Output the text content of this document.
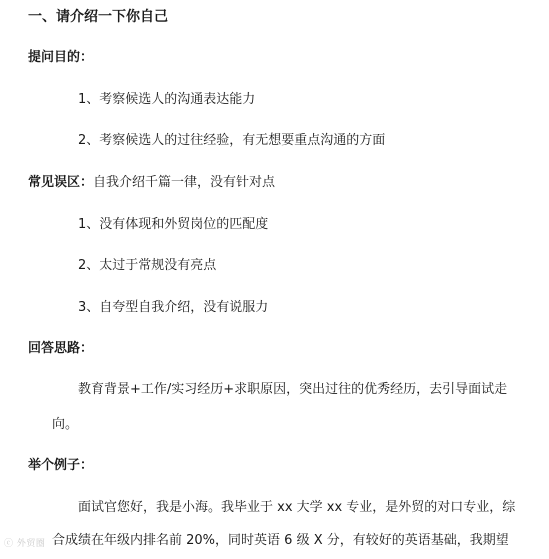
一、请介绍一下你自己
提问目的：
1、考察候选人的沟通表达能力
2、考察候选人的过往经验，有无想要重点沟通的方面
常见误区：自我介绍千篇一律，没有针对点
1、没有体现和外贸岗位的匹配度
2、太过于常规没有亮点
3、自夸型自我介绍，没有说服力
回答思路：
教育背景+工作/实习经历+求职原因，突出过往的优秀经历，去引导面试走
向。
举个例子：
面试官您好，我是小海。我毕业于 xx 大学 xx 专业，是外贸的对口专业，综
合成绩在年级内排名前 20%，同时英语 6 级 X 分，有较好的英语基础，我期望
ⓒ 外贸圈
